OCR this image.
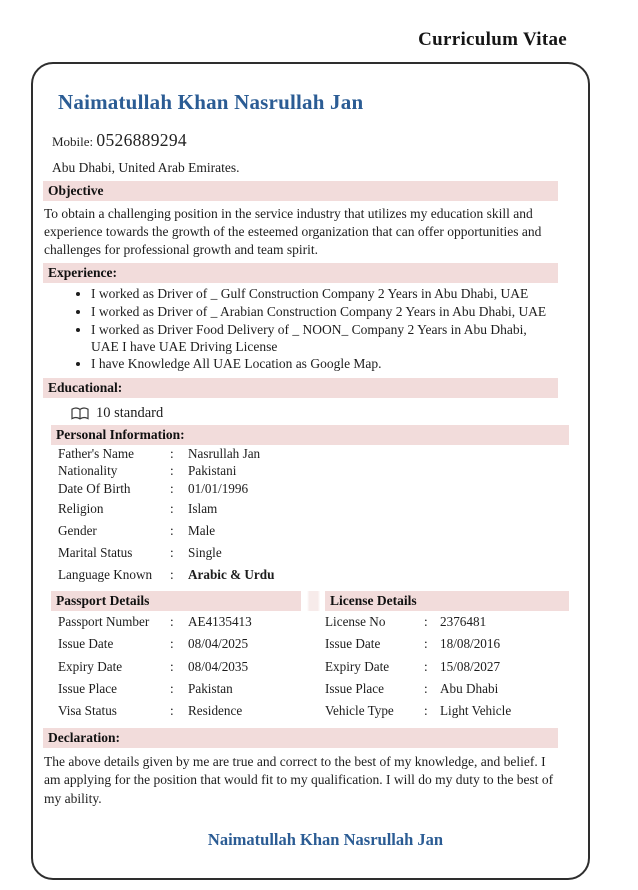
Curriculum Vitae
Naimatullah Khan Nasrullah Jan
Mobile: 0526889294
Abu Dhabi, United Arab Emirates.
Objective

To obtain a challenging position in the service industry that utilizes my education skill and experience towards the growth of the esteemed organization that can offer opportunities and challenges for professional growth and team spirit.

Experience:
• I worked as Driver of _ Gulf Construction Company 2 Years in Abu Dhabi, UAE
• I worked as Driver of _ Arabian Construction Company 2 Years in Abu Dhabi, UAE
• I worked as Driver Food Delivery of _ NOON_ Company 2 Years in Abu Dhabi, UAE I have UAE Driving License
• I have Knowledge All UAE Location as Google Map.
Educational:
10 standard
Personal Information:
Father's Name	:	Nasrullah Jan
Nationality	:	Pakistani
Date Of Birth	:	01/01/1996
Religion	:	Islam
Gender	:	Male
Marital Status	:	Single
Language Known	:	Arabic & Urdu
Passport Details	License Details
Passport Number	:	AE4135413	License No	: 2376481
Issue Date	:	08/04/2025	Issue Date	: 18/08/2016
Expiry Date	:	08/04/2035	Expiry Date	: 15/08/2027
Issue Place	:	Pakistan	Issue Place	: Abu Dhabi
Visa Status	:	Residence	Vehicle Type	: Light Vehicle
Declaration:

The above details given by me are true and correct to the best of my knowledge, and belief. I am applying for the position that would fit to my qualification. I will do my duty to the best of my ability.

Naimatullah Khan Nasrullah Jan
